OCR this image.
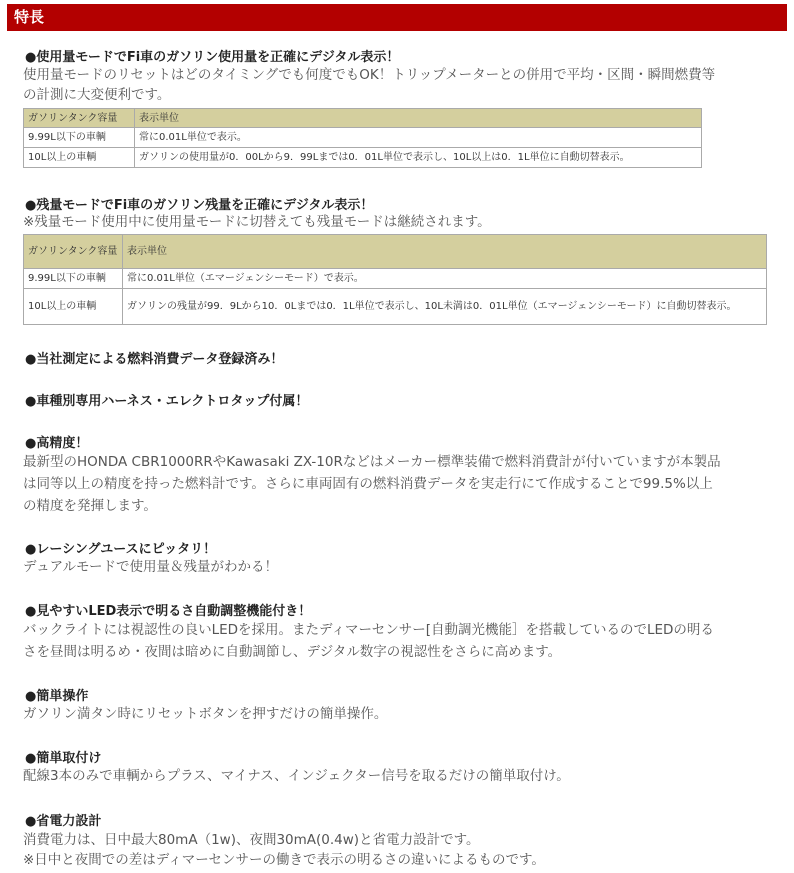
特長
●使用量モードでFi車のガソリン使用量を正確にデジタル表示！
使用量モードのリセットはどのタイミングでも何度でもOK！トリップメーターとの併用で平均・区間・瞬間燃費等
の計測に大変便利です。
ガソリンタンク容量	表示単位
9.99L以下の車輌	常に0.01L単位で表示。
10L以上の車輌	ガソリンの使用量が0．00Lから9．99Lまでは0．01L単位で表示し、10L以上は0．1L単位に自動切替表示。
●残量モードでFi車のガソリン残量を正確にデジタル表示！
※残量モード使用中に使用量モードに切替えても残量モードは継続されます。
ガソリンタンク容量	表示単位
9.99L以下の車輌	常に0.01L単位（エマージェンシーモード）で表示。
10L以上の車輌	ガソリンの残量が99．9Lから10．0Lまでは0．1L単位で表示し、10L未満は0．01L単位（エマージェンシーモード）に自動切替表示。
●当社測定による燃料消費データ登録済み！
●車種別専用ハーネス・エレクトロタップ付属！
●高精度！
最新型のHONDA CBR1000RRやKawasaki ZX-10Rなどはメーカー標準装備で燃料消費計が付いていますが本製品
は同等以上の精度を持った燃料計です。さらに車両固有の燃料消費データを実走行にて作成することで99.5%以上
の精度を発揮します。
●レーシングユースにピッタリ！
デュアルモードで使用量＆残量がわかる！
●見やすいLED表示で明るさ自動調整機能付き！
バックライトには視認性の良いLEDを採用。またディマーセンサー[自動調光機能］を搭載しているのでLEDの明る
さを昼間は明るめ・夜間は暗めに自動調節し、デジタル数字の視認性をさらに高めます。
●簡単操作
ガソリン満タン時にリセットボタンを押すだけの簡単操作。
●簡単取付け
配線3本のみで車輌からプラス、マイナス、インジェクター信号を取るだけの簡単取付け。
●省電力設計
消費電力は、日中最大80mA（1w)、夜間30mA(0.4w)と省電力設計です。
※日中と夜間での差はディマーセンサーの働きで表示の明るさの違いによるものです。
